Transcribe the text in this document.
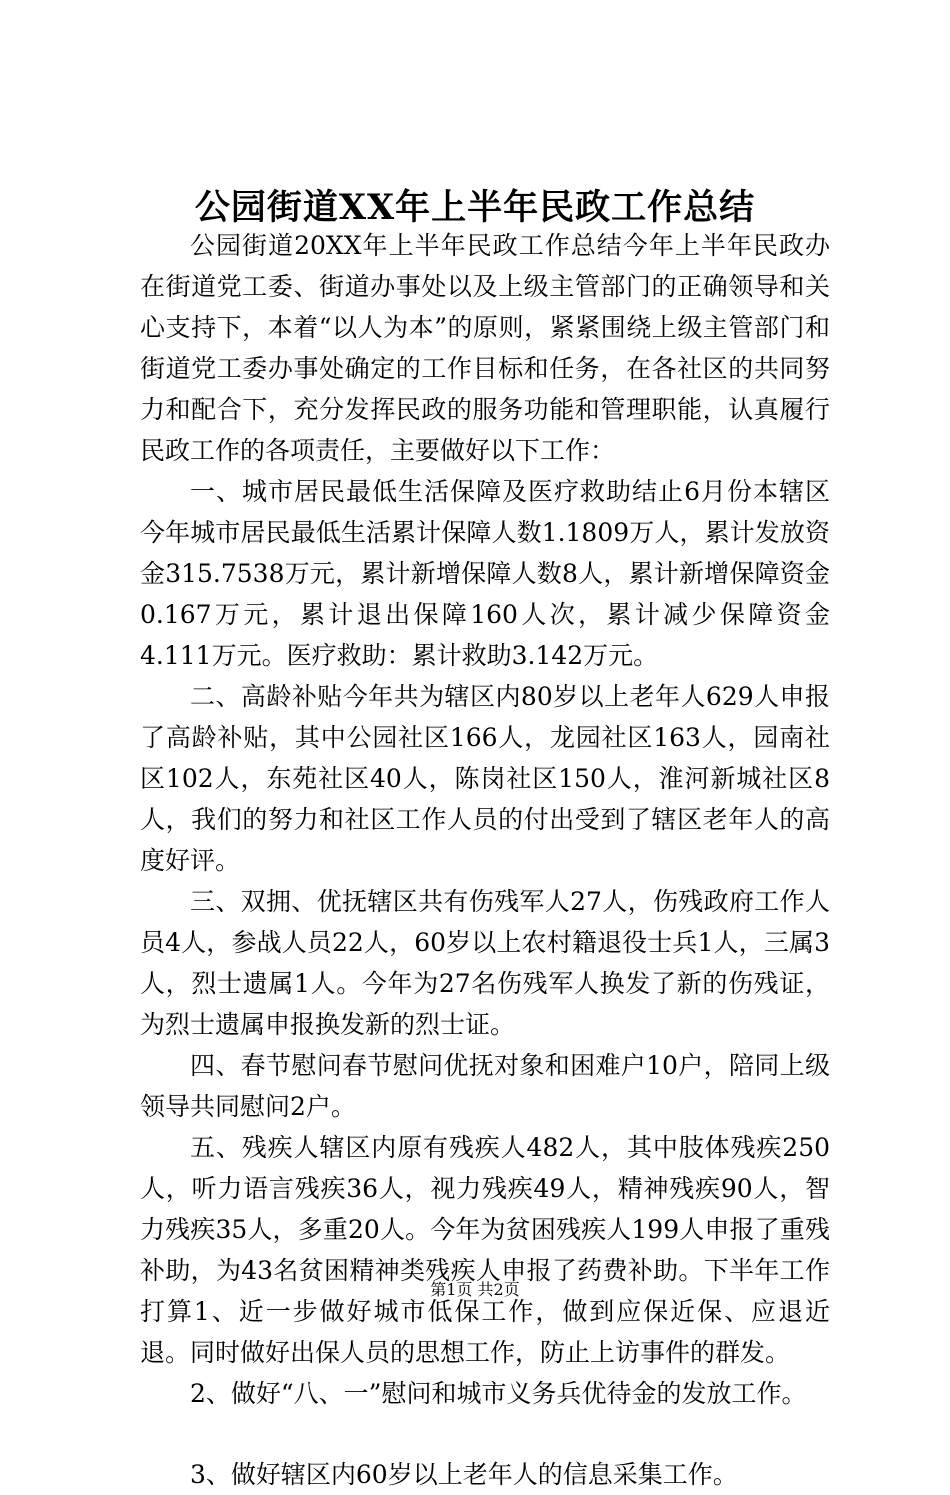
公园街道XX年上半年民政工作总结

公园街道20XX年上半年民政工作总结今年上半年民政办在街道党工委、街道办事处以及上级主管部门的正确领导和关心支持下，本着“以人为本”的原则，紧紧围绕上级主管部门和街道党工委办事处确定的工作目标和任务，在各社区的共同努力和配合下，充分发挥民政的服务功能和管理职能，认真履行民政工作的各项责任，主要做好以下工作：

一、城市居民最低生活保障及医疗救助结止6月份本辖区今年城市居民最低生活累计保障人数1.1809万人，累计发放资金315.7538万元，累计新增保障人数8人，累计新增保障资金0.167万元，累计退出保障160人次，累计减少保障资金4.111万元。医疗救助：累计救助3.142万元。

二、高龄补贴今年共为辖区内80岁以上老年人629人申报了高龄补贴，其中公园社区166人，龙园社区163人，园南社区102人，东苑社区40人，陈岗社区150人，淮河新城社区8人，我们的努力和社区工作人员的付出受到了辖区老年人的高度好评。

三、双拥、优抚辖区共有伤残军人27人，伤残政府工作人员4人，参战人员22人，60岁以上农村籍退役士兵1人，三属3人，烈士遗属1人。今年为27名伤残军人换发了新的伤残证，为烈士遗属申报换发新的烈士证。

四、春节慰问春节慰问优抚对象和困难户10户，陪同上级领导共同慰问2户。

五、残疾人辖区内原有残疾人482人，其中肢体残疾250人，听力语言残疾36人，视力残疾49人，精神残疾90人，智力残疾35人，多重20人。今年为贫困残疾人199人申报了重残补助，为43名贫困精神类残疾人申报了药费补助。下半年工作打算1、近一步做好城市低保工作，做到应保近保、应退近退。同时做好出保人员的思想工作，防止上访事件的群发。

2、做好“八、一”慰问和城市义务兵优待金的发放工作。

3、做好辖区内60岁以上老年人的信息采集工作。

第1页 共2页
